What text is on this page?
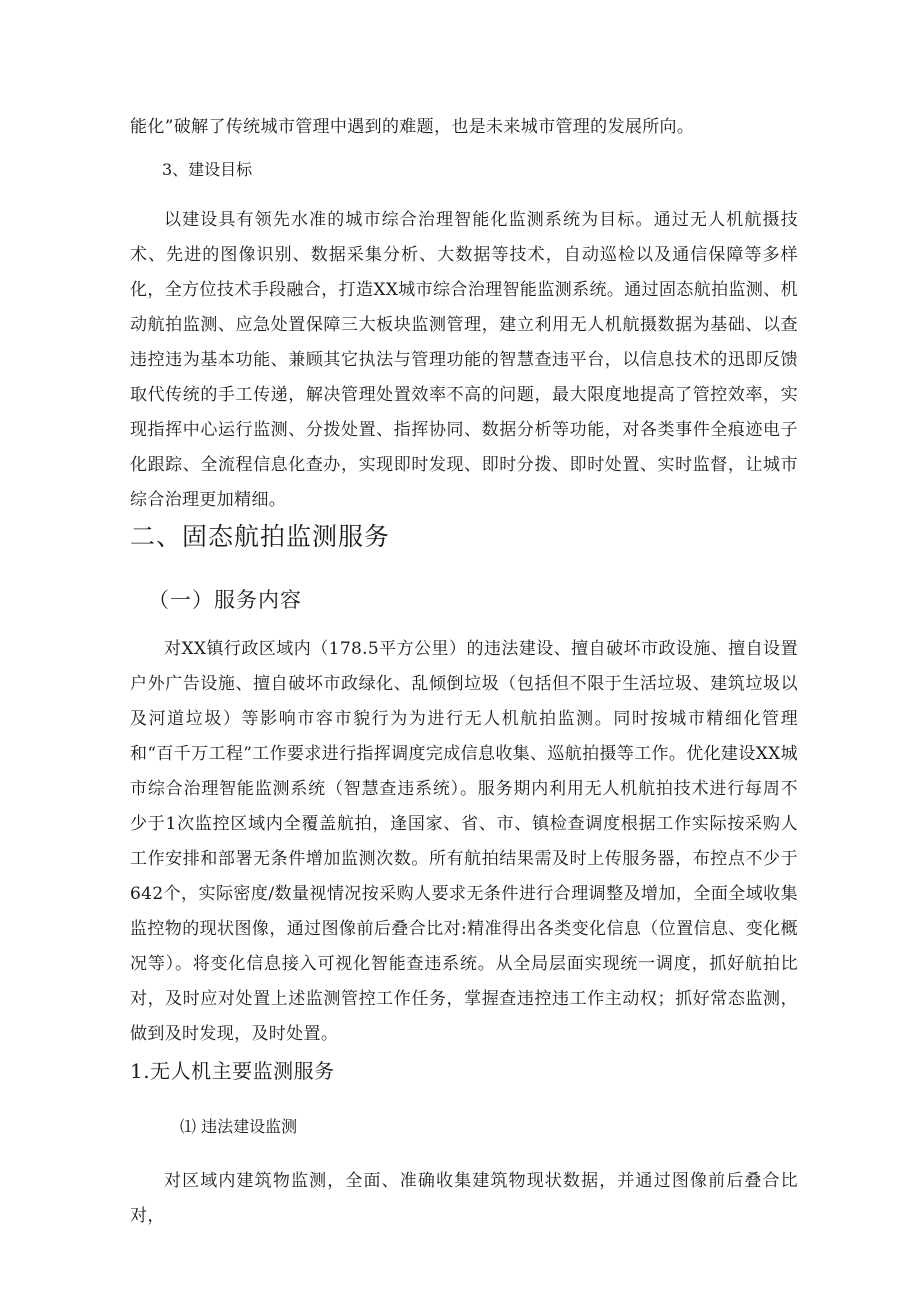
能化”破解了传统城市管理中遇到的难题，也是未来城市管理的发展所向。

3、建设目标

以建设具有领先水准的城市综合治理智能化监测系统为目标。通过无人机航摄技术、先进的图像识别、数据采集分析、大数据等技术，自动巡检以及通信保障等多样化，全方位技术手段融合，打造XX城市综合治理智能监测系统。通过固态航拍监测、机动航拍监测、应急处置保障三大板块监测管理，建立利用无人机航摄数据为基础、以查违控违为基本功能、兼顾其它执法与管理功能的智慧查违平台，以信息技术的迅即反馈取代传统的手工传递，解决管理处置效率不高的问题，最大限度地提高了管控效率，实现指挥中心运行监测、分拨处置、指挥协同、数据分析等功能，对各类事件全痕迹电子化跟踪、全流程信息化查办，实现即时发现、即时分拨、即时处置、实时监督，让城市综合治理更加精细。

二、固态航拍监测服务
（一）服务内容

对XX镇行政区域内（178.5平方公里）的违法建设、擅自破坏市政设施、擅自设置户外广告设施、擅自破坏市政绿化、乱倾倒垃圾（包括但不限于生活垃圾、建筑垃圾以及河道垃圾）等影响市容市貌行为为进行无人机航拍监测。同时按城市精细化管理和“百千万工程”工作要求进行指挥调度完成信息收集、巡航拍摄等工作。优化建设XX城市综合治理智能监测系统（智慧查违系统）。服务期内利用无人机航拍技术进行每周不少于1次监控区域内全覆盖航拍，逢国家、省、市、镇检查调度根据工作实际按采购人工作安排和部署无条件增加监测次数。所有航拍结果需及时上传服务器，布控点不少于642个，实际密度/数量视情况按采购人要求无条件进行合理调整及增加，全面全域收集监控物的现状图像，通过图像前后叠合比对:精准得出各类变化信息（位置信息、变化概况等）。将变化信息接入可视化智能查违系统。从全局层面实现统一调度，抓好航拍比对，及时应对处置上述监测管控工作任务，掌握查违控违工作主动权；抓好常态监测，做到及时发现，及时处置。

1.无人机主要监测服务
⑴ 违法建设监测

对区域内建筑物监测，全面、准确收集建筑物现状数据，并通过图像前后叠合比对，
